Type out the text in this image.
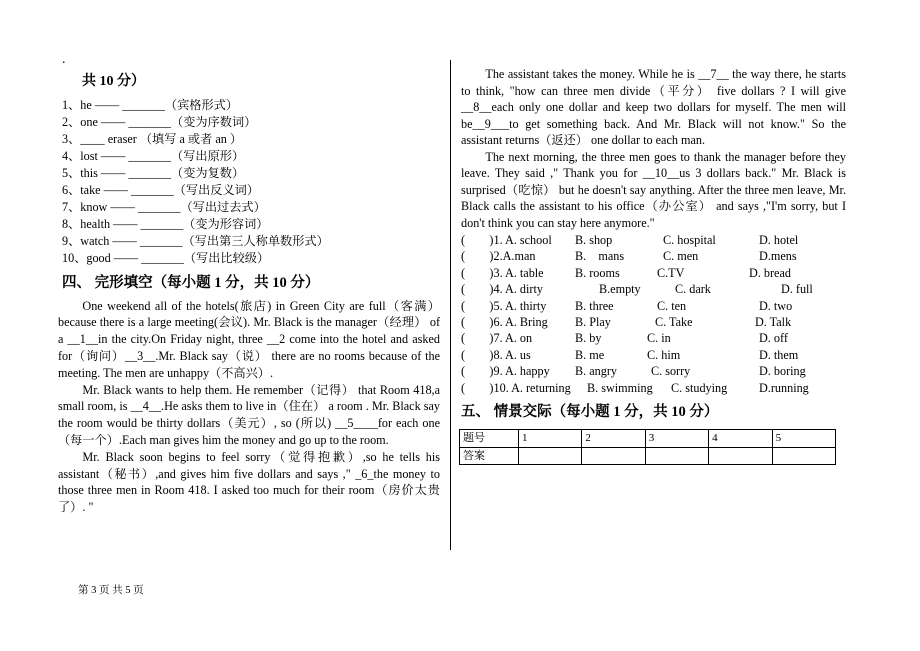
.
共 10 分）
1、he —— _______（宾格形式）
2、one —— _______（变为序数词）
3、____ eraser （填写 a 或者 an ）
4、lost —— _______（写出原形）
5、this —— _______（变为复数）
6、take —— _______（写出反义词）
7、know —— _______（写出过去式）
8、health —— _______（变为形容词）
9、watch —— _______（写出第三人称单数形式）
10、good —— _______（写出比较级）
四、 完形填空（每小题 1 分，共 10 分）

One weekend all of the hotels(旅店) in Green City are full（客满） because there is a large meeting(会议). Mr. Black is the manager（经理） of a __1__in the city.On Friday night, three __2 come into the hotel and asked for（询问）__3__.Mr. Black say（说） there are no rooms because of the meeting. The men are unhappy（不高兴）.

Mr. Black wants to help them. He remember（记得） that Room 418,a small room, is __4__.He asks them to live in（住在） a room . Mr. Black say the room would be thirty dollars（美元）, so (所以) __5____for each one（每一个）.Each man gives him the money and go up to the room.

Mr. Black soon begins to feel sorry（觉得抱歉）,so he tells his assistant（秘书）,and gives him five dollars and says ," _6_the money to those three men in Room 418. I asked too much for their room（房价太贵了）. "

The assistant takes the money. While he is __7__ the way there, he starts to think, "how can three men divide（平分） five dollars ? I will give __8__each only one dollar and keep two dollars for myself. The men will be__9___to get something back. And Mr. Black will not know." So the assistant returns（返还） one dollar to each man.

The next morning, the three men goes to thank the manager before they leave. They said ," Thank you for __10__us 3 dollars back." Mr. Black is surprised（吃惊） but he doesn't say anything. After the three men leave, Mr. Black calls the assistant to his office（办公室） and says ,"I'm sorry, but I don't think you can stay here anymore."

(　　)1. A. school B. shop	C. hospital	D. hotel
(　　)2.A.man	B.　mans	C. men	D.mens
(　　)3. A. table	B. rooms	C.TV	D. bread
(　　)4. A. dirty	B.empty	C. dark	D. full
(　　)5. A. thirty B. three	C. ten	D. two
(　　)6. A. Bring B. Play	C. Take	D. Talk
(　　)7. A. on	B. by	C. in	D. off
(　　)8. A. us	B. me	C. him	D. them
(　　)9. A. happy B. angry	C. sorry	D. boring
(　　)10. A. returning B. swimming C. studying	D.running
五、 情景交际（每小题 1 分，共 10 分）
题号	1	2	3	4	5
答案					
第 3 页 共 5 页
